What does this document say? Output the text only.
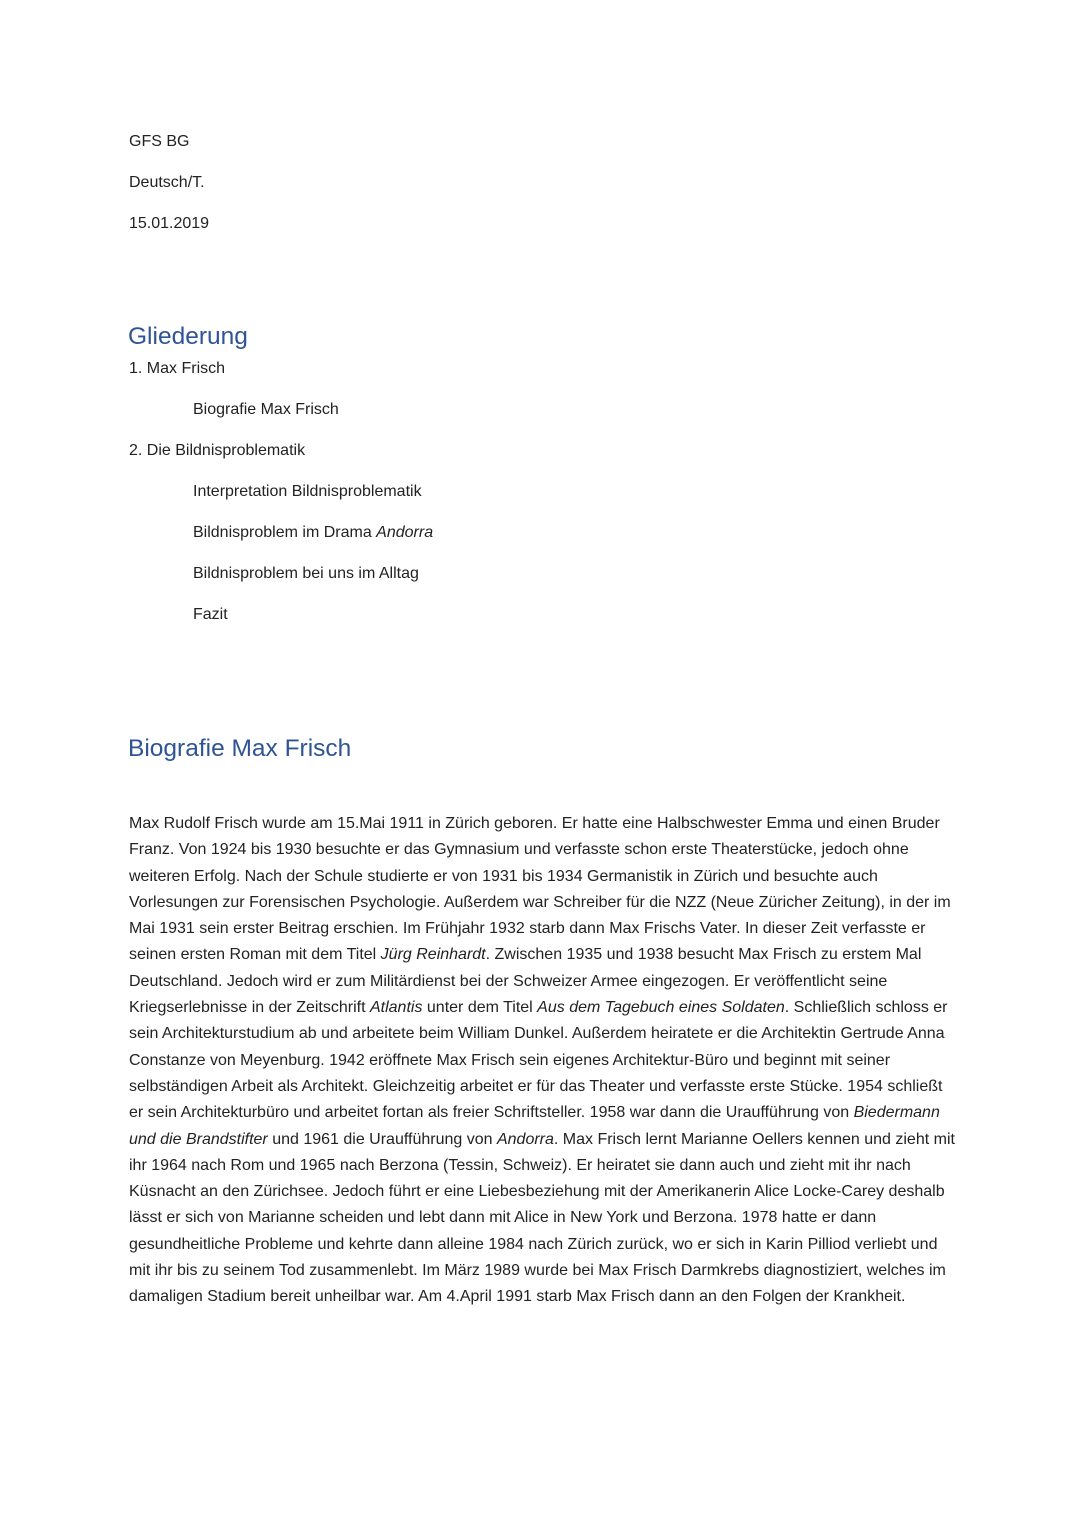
GFS BG
Deutsch/T.
15.01.2019
Gliederung
1. Max Frisch
Biografie Max Frisch
2. Die Bildnisproblematik
Interpretation Bildnisproblematik
Bildnisproblem im Drama Andorra
Bildnisproblem bei uns im Alltag
Fazit
Biografie Max Frisch

Max Rudolf Frisch wurde am 15.Mai 1911 in Zürich geboren. Er hatte eine Halbschwester Emma und einen Bruder Franz. Von 1924 bis 1930 besuchte er das Gymnasium und verfasste schon erste Theaterstücke, jedoch ohne weiteren Erfolg. Nach der Schule studierte er von 1931 bis 1934 Germanistik in Zürich und besuchte auch Vorlesungen zur Forensischen Psychologie. Außerdem war Schreiber für die NZZ (Neue Züricher Zeitung), in der im Mai 1931 sein erster Beitrag erschien. Im Frühjahr 1932 starb dann Max Frischs Vater. In dieser Zeit verfasste er seinen ersten Roman mit dem Titel Jürg Reinhardt. Zwischen 1935 und 1938 besucht Max Frisch zu erstem Mal Deutschland. Jedoch wird er zum Militärdienst bei der Schweizer Armee eingezogen. Er veröffentlicht seine Kriegserlebnisse in der Zeitschrift Atlantis unter dem Titel Aus dem Tagebuch eines Soldaten. Schließlich schloss er sein Architekturstudium ab und arbeitete beim William Dunkel. Außerdem heiratete er die Architektin Gertrude Anna Constanze von Meyenburg. 1942 eröffnete Max Frisch sein eigenes Architektur-Büro und beginnt mit seiner selbständigen Arbeit als Architekt. Gleichzeitig arbeitet er für das Theater und verfasste erste Stücke. 1954 schließt er sein Architekturbüro und arbeitet fortan als freier Schriftsteller. 1958 war dann die Uraufführung von Biedermann und die Brandstifter und 1961 die Uraufführung von Andorra. Max Frisch lernt Marianne Oellers kennen und zieht mit ihr 1964 nach Rom und 1965 nach Berzona (Tessin, Schweiz). Er heiratet sie dann auch und zieht mit ihr nach Küsnacht an den Zürichsee. Jedoch führt er eine Liebesbeziehung mit der Amerikanerin Alice Locke-Carey deshalb lässt er sich von Marianne scheiden und lebt dann mit Alice in New York und Berzona. 1978 hatte er dann gesundheitliche Probleme und kehrte dann alleine 1984 nach Zürich zurück, wo er sich in Karin Pilliod verliebt und mit ihr bis zu seinem Tod zusammenlebt. Im März 1989 wurde bei Max Frisch Darmkrebs diagnostiziert, welches im damaligen Stadium bereit unheilbar war. Am 4.April 1991 starb Max Frisch dann an den Folgen der Krankheit.
